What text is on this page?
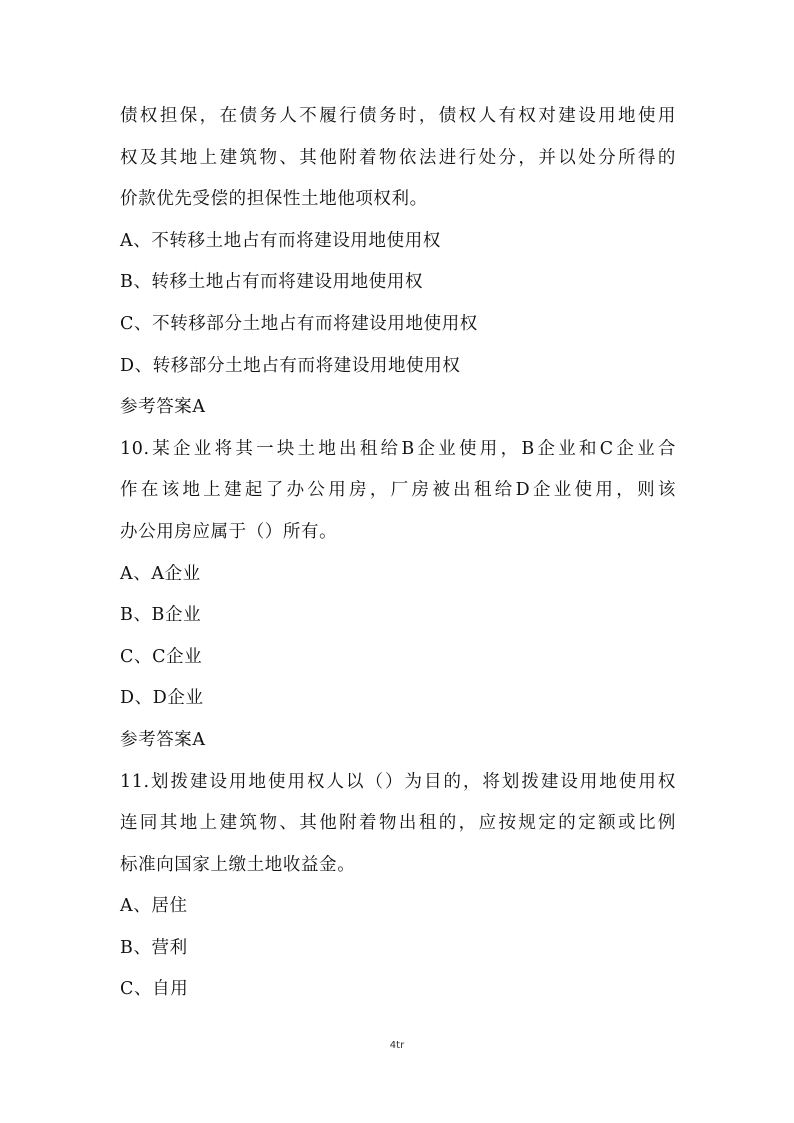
债权担保，在债务人不履行债务时，债权人有权对建设用地使用
权及其地上建筑物、其他附着物依法进行处分，并以处分所得的
价款优先受偿的担保性土地他项权利。
A、不转移土地占有而将建设用地使用权
B、转移土地占有而将建设用地使用权
C、不转移部分土地占有而将建设用地使用权
D、转移部分土地占有而将建设用地使用权
参考答案A
10.某企业将其一块土地出租给B企业使用，B企业和C企业合
作在该地上建起了办公用房，厂房被出租给D企业使用，则该
办公用房应属于（）所有。
A、A企业
B、B企业
C、C企业
D、D企业
参考答案A
11.划拨建设用地使用权人以（）为目的，将划拨建设用地使用权
连同其地上建筑物、其他附着物出租的，应按规定的定额或比例
标准向国家上缴土地收益金。
A、居住
B、营利
C、自用
4tr
